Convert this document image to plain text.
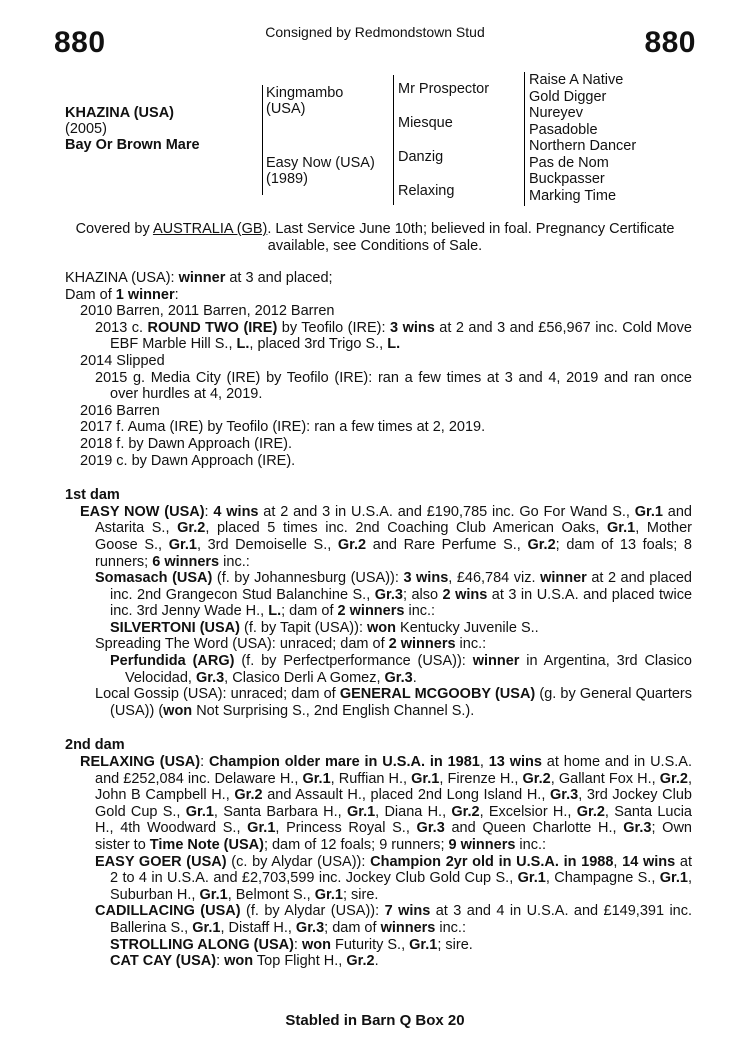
880	Consigned by Redmondstown Stud	880
KHAZINA (USA)
(2005)
Bay Or Brown Mare
Kingmambo
(USA)
Easy Now (USA)
(1989)
Mr Prospector
Miesque
Danzig
Relaxing
Raise A Native
Gold Digger
Nureyev
Pasadoble
Northern Dancer
Pas de Nom
Buckpasser
Marking Time
Covered by AUSTRALIA (GB). Last Service June 10th; believed in foal. Pregnancy Certificate available, see Conditions of Sale.

KHAZINA (USA): winner at 3 and placed;

Dam of 1 winner:

2010 Barren, 2011 Barren, 2012 Barren

2013 c. ROUND TWO (IRE) by Teofilo (IRE): 3 wins at 2 and 3 and £56,967 inc. Cold Move EBF Marble Hill S., L., placed 3rd Trigo S., L.

2014 Slipped

2015 g. Media City (IRE) by Teofilo (IRE): ran a few times at 3 and 4, 2019 and ran once over hurdles at 4, 2019.

2016 Barren

2017 f. Auma (IRE) by Teofilo (IRE): ran a few times at 2, 2019.

2018 f. by Dawn Approach (IRE).

2019 c. by Dawn Approach (IRE).

1st dam

EASY NOW (USA): 4 wins at 2 and 3 in U.S.A. and £190,785 inc. Go For Wand S., Gr.1 and Astarita S., Gr.2, placed 5 times inc. 2nd Coaching Club American Oaks, Gr.1, Mother Goose S., Gr.1, 3rd Demoiselle S., Gr.2 and Rare Perfume S., Gr.2; dam of 13 foals; 8 runners; 6 winners inc.:

Somasach (USA) (f. by Johannesburg (USA)): 3 wins, £46,784 viz. winner at 2 and placed inc. 2nd Grangecon Stud Balanchine S., Gr.3; also 2 wins at 3 in U.S.A. and placed twice inc. 3rd Jenny Wade H., L.; dam of 2 winners inc.:

SILVERTONI (USA) (f. by Tapit (USA)): won Kentucky Juvenile S..

Spreading The Word (USA): unraced; dam of 2 winners inc.:

Perfundida (ARG) (f. by Perfectperformance (USA)): winner in Argentina, 3rd Clasico Velocidad, Gr.3, Clasico Derli A Gomez, Gr.3.

Local Gossip (USA): unraced; dam of GENERAL MCGOOBY (USA) (g. by General Quarters (USA)) (won Not Surprising S., 2nd English Channel S.).

2nd dam

RELAXING (USA): Champion older mare in U.S.A. in 1981, 13 wins at home and in U.S.A. and £252,084 inc. Delaware H., Gr.1, Ruffian H., Gr.1, Firenze H., Gr.2, Gallant Fox H., Gr.2, John B Campbell H., Gr.2 and Assault H., placed 2nd Long Island H., Gr.3, 3rd Jockey Club Gold Cup S., Gr.1, Santa Barbara H., Gr.1, Diana H., Gr.2, Excelsior H., Gr.2, Santa Lucia H., 4th Woodward S., Gr.1, Princess Royal S., Gr.3 and Queen Charlotte H., Gr.3; Own sister to Time Note (USA); dam of 12 foals; 9 runners; 9 winners inc.:

EASY GOER (USA) (c. by Alydar (USA)): Champion 2yr old in U.S.A. in 1988, 14 wins at 2 to 4 in U.S.A. and £2,703,599 inc. Jockey Club Gold Cup S., Gr.1, Champagne S., Gr.1, Suburban H., Gr.1, Belmont S., Gr.1; sire.

CADILLACING (USA) (f. by Alydar (USA)): 7 wins at 3 and 4 in U.S.A. and £149,391 inc. Ballerina S., Gr.1, Distaff H., Gr.3; dam of winners inc.:

STROLLING ALONG (USA): won Futurity S., Gr.1; sire.

CAT CAY (USA): won Top Flight H., Gr.2.

Stabled in Barn Q Box 20
